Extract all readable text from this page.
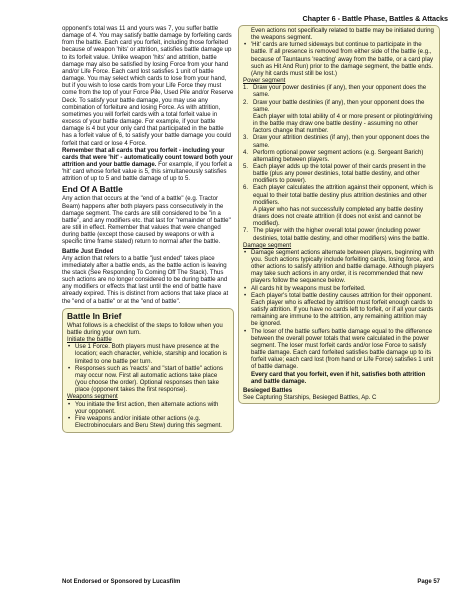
Chapter 6 - Battle Phase, Battles & Attacks

opponent's total was 11 and yours was 7, you suffer battle damage of 4. You may satisfy battle damage by forfeiting cards from the battle. Each card you forfeit, including those forfeited because of weapon 'hits' or attrition, satisfies battle damage up to its forfeit value. Unlike weapon 'hits' and attrition, battle damage may also be satisfied by losing Force from your hand and/or Life Force. Each card lost satisfies 1 unit of battle damage. You may select which cards to lose from your hand, but if you wish to lose cards from your Life Force they must come from the top of your Force Pile, Used Pile and/or Reserve Deck. To satisfy your battle damage, you may use any combination of forfeiture and losing Force. As with attrition, sometimes you will forfeit cards with a total forfeit value in excess of your battle damage. For example, if your battle damage is 4 but your only card that participated in the battle has a forfeit value of 6, to satisfy your battle damage you could forfeit that card or lose 4 Force.

Remember that all cards that you forfeit - including your cards that were 'hit' - automatically count toward both your attrition and your battle damage. For example, if you forfeit a 'hit' card whose forfeit value is 5, this simultaneously satisfies attrition of up to 5 and battle damage of up to 5.

End Of A Battle

Any action that occurs at the "end of a battle" (e.g. Tractor Beam) happens after both players pass consecutively in the damage segment. The cards are still considered to be "in a battle", and any modifiers etc. that last for "remainder of battle" are still in effect. Remember that values that were changed during battle (except those caused by weapons or with a specific time frame stated) return to normal after the battle.

Battle Just Ended

Any action that refers to a battle "just ended" takes place immediately after a battle ends, as the battle action is leaving the stack (See Responding To Coming Off The Stack). Thus such actions are no longer considered to be during battle and any modifiers or effects that last until the end of battle have already expired. This is distinct from actions that take place at the "end of a battle" or at the "end of battle".

Battle In Brief

What follows is a checklist of the steps to follow when you battle during your own turn.

Initiate the battle
• Use 1 Force. Both players must have presence at the location; each character, vehicle, starship and location is limited to one battle per turn.
• Responses such as 'reacts' and "start of battle" actions may occur now. First all automatic actions take place (you choose the order). Optional responses then take place (opponent takes the first response).
Weapons segment
• You initiate the first action, then alternate actions with your opponent.
• Fire weapons and/or initiate other actions (e.g. Electrobinoculars and Beru Stew) during this segment.
Even actions not specifically related to battle may be initiated during the weapons segment.
• 'Hit' cards are turned sideways but continue to participate in the battle. If all presence is removed from either side of the battle (e.g., because of Tauntauns 'reacting' away from the battle, or a card play such as Hit And Run) prior to the damage segment, the battle ends. (Any hit cards must still be lost.)
Power segment
1. Draw your power destinies (if any), then your opponent does the same.
2. Draw your battle destinies (if any), then your opponent does the same.
Each player with total ability of 4 or more present or piloting/driving in the battle may draw one battle destiny - assuming no other factors change that number.
3. Draw your attrition destinies (if any), then your opponent does the same.
4. Perform optional power segment actions (e.g. Sergeant Barich) alternating between players.
5. Each player adds up the total power of their cards present in the battle (plus any power destinies, total battle destiny, and other modifiers to power).
6. Each player calculates the attrition against their opponent, which is equal to their total battle destiny plus attrition destinies and other modifiers.
A player who has not successfully completed any battle destiny draws does not create attrition (it does not exist and cannot be modified).
7. The player with the higher overall total power (including power destinies, total battle destiny, and other modifiers) wins the battle.
Damage segment
• Damage segment actions alternate between players, beginning with you. Such actions typically include forfeiting cards, losing force, and other actions to satisfy attrition and battle damage. Although players may take such actions in any order, it is recommended that new players follow the sequence below.
• All cards hit by weapons must be forfeited.
• Each player's total battle destiny causes attrition for their opponent. Each player who is affected by attrition must forfeit enough cards to satisfy attrition. If you have no cards left to forfeit, or if all your cards remaining are immune to the attrition, any remaining attrition may be ignored.
• The loser of the battle suffers battle damage equal to the difference between the overall power totals that were calculated in the power segment. The loser must forfeit cards and/or lose Force to satisfy battle damage. Each card forfeited satisfies battle damage up to its forfeit value; each card lost (from hand or Life Force) satisfies 1 unit of battle damage.
Every card that you forfeit, even if hit, satisfies both attrition and battle damage.
Besieged Battles
See Capturing Starships, Besieged Battles, Ap. C
Not Endorsed or Sponsored by Lucasfilm	Page 57
